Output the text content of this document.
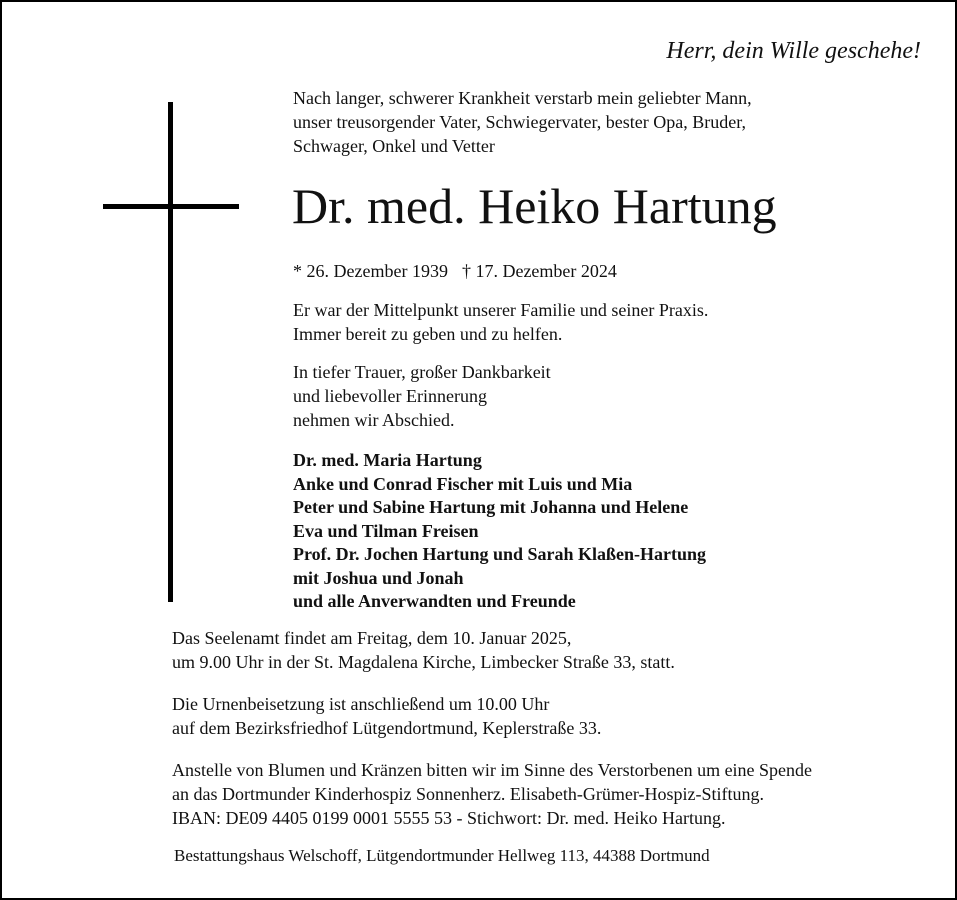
Herr, dein Wille geschehe!
Nach langer, schwerer Krankheit verstarb mein geliebter Mann,
unser treusorgender Vater, Schwiegervater, bester Opa, Bruder,
Schwager, Onkel und Vetter
Dr. med. Heiko Hartung
* 26. Dezember 1939 † 17. Dezember 2024
Er war der Mittelpunkt unserer Familie und seiner Praxis.
Immer bereit zu geben und zu helfen.
In tiefer Trauer, großer Dankbarkeit
und liebevoller Erinnerung
nehmen wir Abschied.
Dr. med. Maria Hartung
Anke und Conrad Fischer mit Luis und Mia
Peter und Sabine Hartung mit Johanna und Helene
Eva und Tilman Freisen
Prof. Dr. Jochen Hartung und Sarah Klaßen-Hartung
mit Joshua und Jonah
und alle Anverwandten und Freunde
Das Seelenamt findet am Freitag, dem 10. Januar 2025,
um 9.00 Uhr in der St. Magdalena Kirche, Limbecker Straße 33, statt.
Die Urnenbeisetzung ist anschließend um 10.00 Uhr
auf dem Bezirksfriedhof Lütgendortmund, Keplerstraße 33.
Anstelle von Blumen und Kränzen bitten wir im Sinne des Verstorbenen um eine Spende
an das Dortmunder Kinderhospiz Sonnenherz. Elisabeth-Grümer-Hospiz-Stiftung.
IBAN: DE09 4405 0199 0001 5555 53 - Stichwort: Dr. med. Heiko Hartung.
Bestattungshaus Welschoff, Lütgendortmunder Hellweg 113, 44388 Dortmund
